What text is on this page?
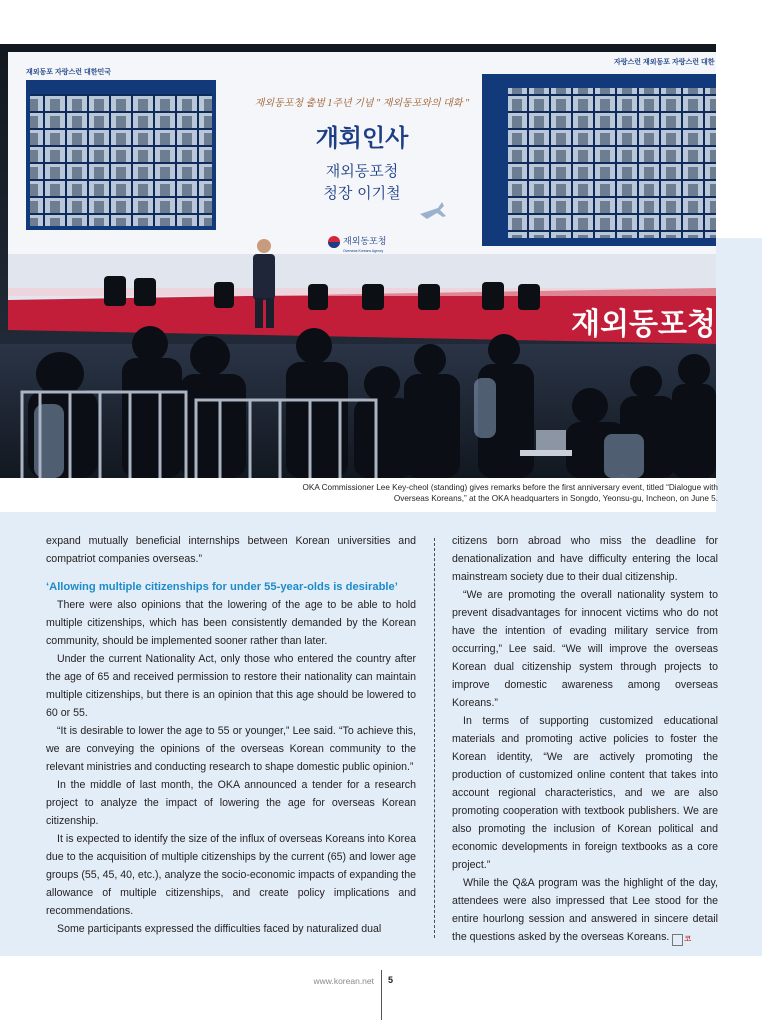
재외동포 자랑스런 대한민국
자랑스런 재외동포 자랑스런 대한
재외동포청 출범 1주년 기념 " 재외동포와의 대화 "
개회인사
재외동포청
청장 이기철
재외동포청
Overseas Koreans Agency
재외동포청
OKA Commissioner Lee Key-cheol (standing) gives remarks before the first anniversary event, titled “Dialogue with Overseas Koreans,” at the OKA headquarters in Songdo, Yeonsu-gu, Incheon, on June 5.

expand mutually beneficial internships between Korean universities and compatriot companies overseas.”

‘Allowing multiple citizenships for under 55-year-olds is desirable’

There were also opinions that the lowering of the age to be able to hold multiple citizenships, which has been consistently demanded by the Korean community, should be implemented sooner rather than later.

Under the current Nationality Act, only those who entered the country after the age of 65 and received permission to restore their nationality can maintain multiple citizenships, but there is an opinion that this age should be lowered to 60 or 55.

“It is desirable to lower the age to 55 or younger,” Lee said. “To achieve this, we are conveying the opinions of the overseas Korean community to the relevant ministries and conducting research to shape domestic public opinion.”

In the middle of last month, the OKA announced a tender for a research project to analyze the impact of lowering the age for overseas Korean citizenship.

It is expected to identify the size of the influx of overseas Koreans into Korea due to the acquisition of multiple citizenships by the current (65) and lower age groups (55, 45, 40, etc.), analyze the socio-economic impacts of expanding the allowance of multiple citizenships, and create policy implications and recommendations.

Some participants expressed the difficulties faced by naturalized dual

citizens born abroad who miss the deadline for denationalization and have difficulty entering the local mainstream society due to their dual citizenship.

“We are promoting the overall nationality system to prevent disadvantages for innocent victims who do not have the intention of evading military service from occurring,” Lee said. “We will improve the overseas Korean dual citizenship system through projects to improve domestic awareness among overseas Koreans.”

In terms of supporting customized educational materials and promoting active policies to foster the Korean identity, “We are actively promoting the production of customized online content that takes into account regional characteristics, and we are also promoting cooperation with textbook publishers. We are also promoting the inclusion of Korean political and economic developments in foreign textbooks as a core project.”

While the Q&A program was the highlight of the day, attendees were also impressed that Lee stood for the entire hourlong session and answered in sincere detail the questions asked by the overseas Koreans. 코

www.korean.net 5
